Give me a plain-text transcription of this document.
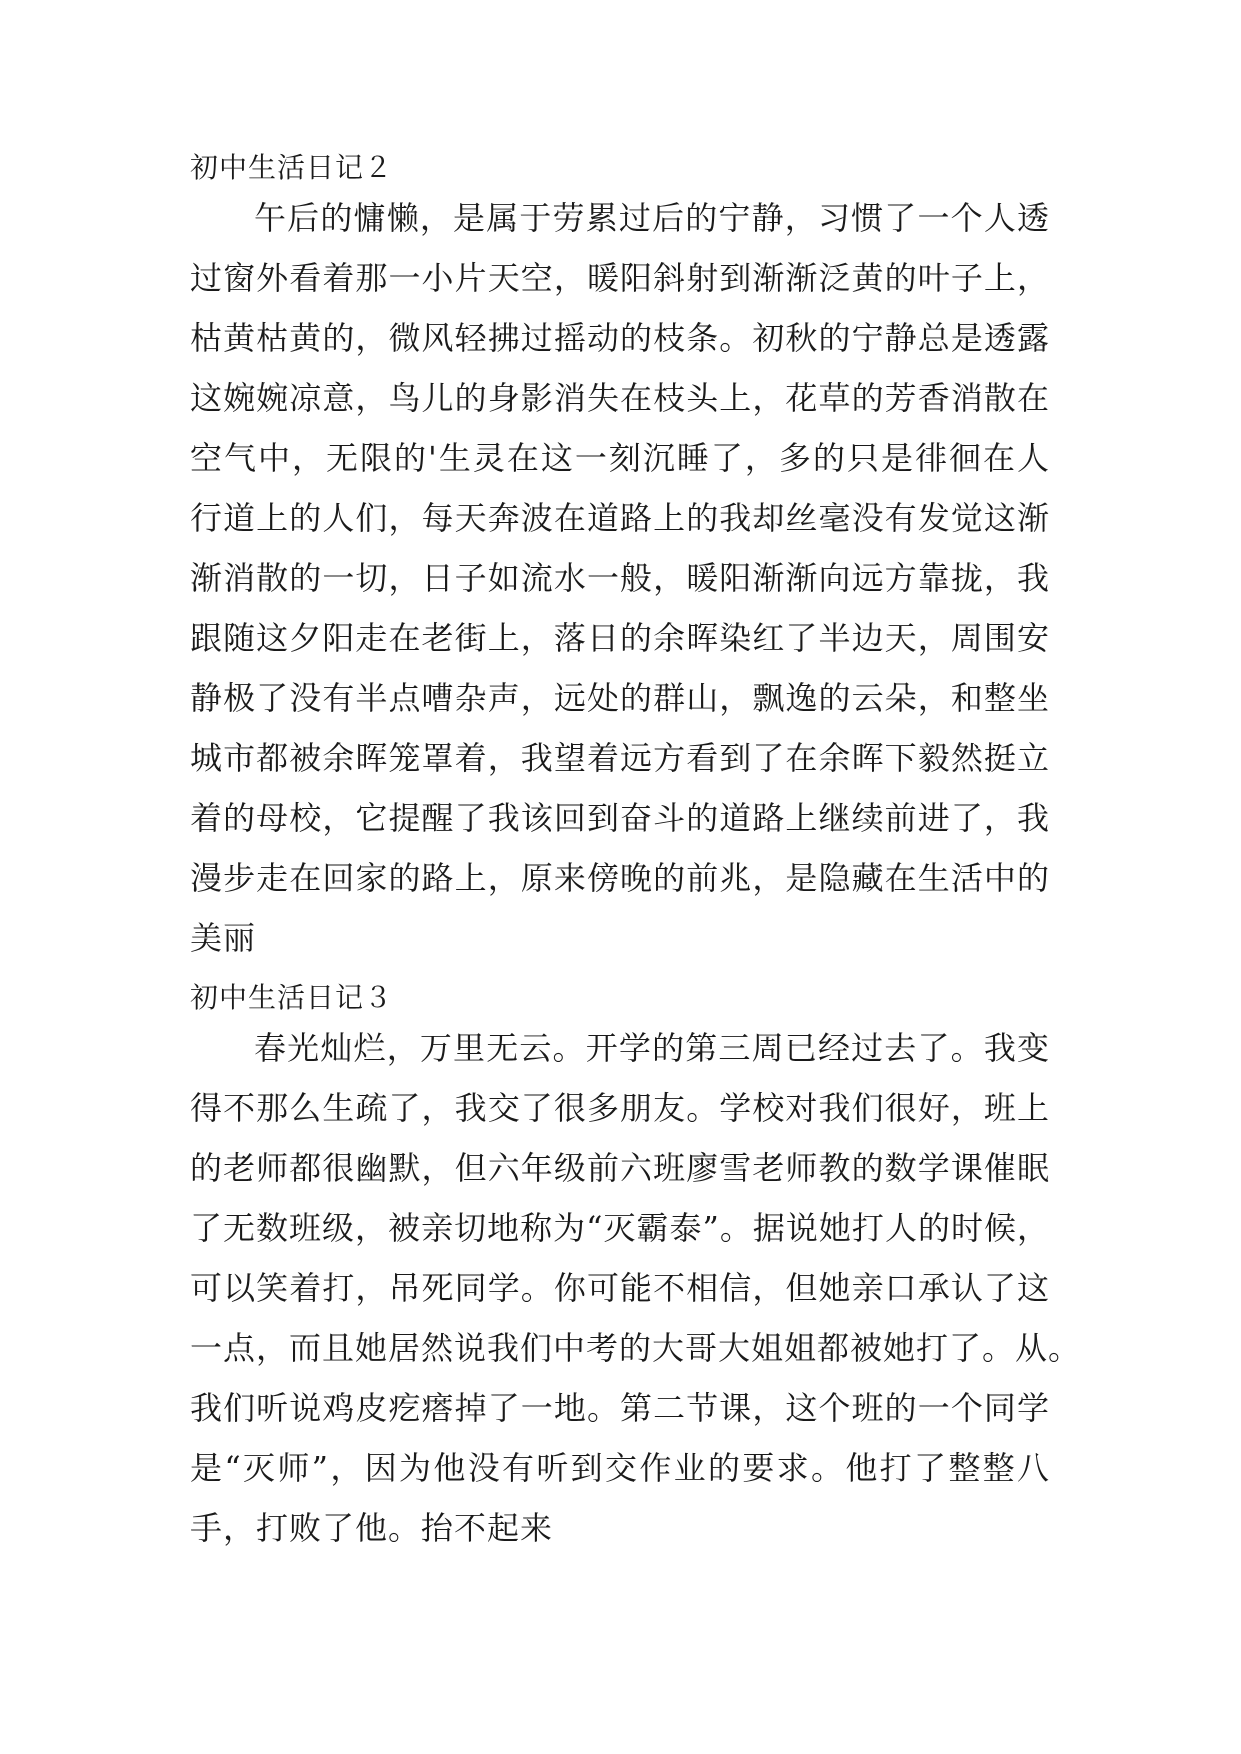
初中生活日记２
午后的慵懒，是属于劳累过后的宁静，习惯了一个人透
过窗外看着那一小片天空，暖阳斜射到渐渐泛黄的叶子上，
枯黄枯黄的，微风轻拂过摇动的枝条。初秋的宁静总是透露
这婉婉凉意，鸟儿的身影消失在枝头上，花草的芳香消散在
空气中，无限的'生灵在这一刻沉睡了，多的只是徘徊在人
行道上的人们，每天奔波在道路上的我却丝毫没有发觉这渐
渐消散的一切，日子如流水一般，暖阳渐渐向远方靠拢，我
跟随这夕阳走在老街上，落日的余晖染红了半边天，周围安
静极了没有半点嘈杂声，远处的群山，飘逸的云朵，和整坐
城市都被余晖笼罩着，我望着远方看到了在余晖下毅然挺立
着的母校，它提醒了我该回到奋斗的道路上继续前进了，我
漫步走在回家的路上，原来傍晚的前兆，是隐藏在生活中的
美丽
初中生活日记３
春光灿烂，万里无云。开学的第三周已经过去了。我变
得不那么生疏了，我交了很多朋友。学校对我们很好，班上
的老师都很幽默，但六年级前六班廖雪老师教的数学课催眠
了无数班级，被亲切地称为“灭霸泰”。据说她打人的时候，
可以笑着打，吊死同学。你可能不相信，但她亲口承认了这
一点，而且她居然说我们中考的大哥大姐姐都被她打了。从。
我们听说鸡皮疙瘩掉了一地。第二节课，这个班的一个同学
是“灭师”，因为他没有听到交作业的要求。他打了整整八
手，打败了他。抬不起来
